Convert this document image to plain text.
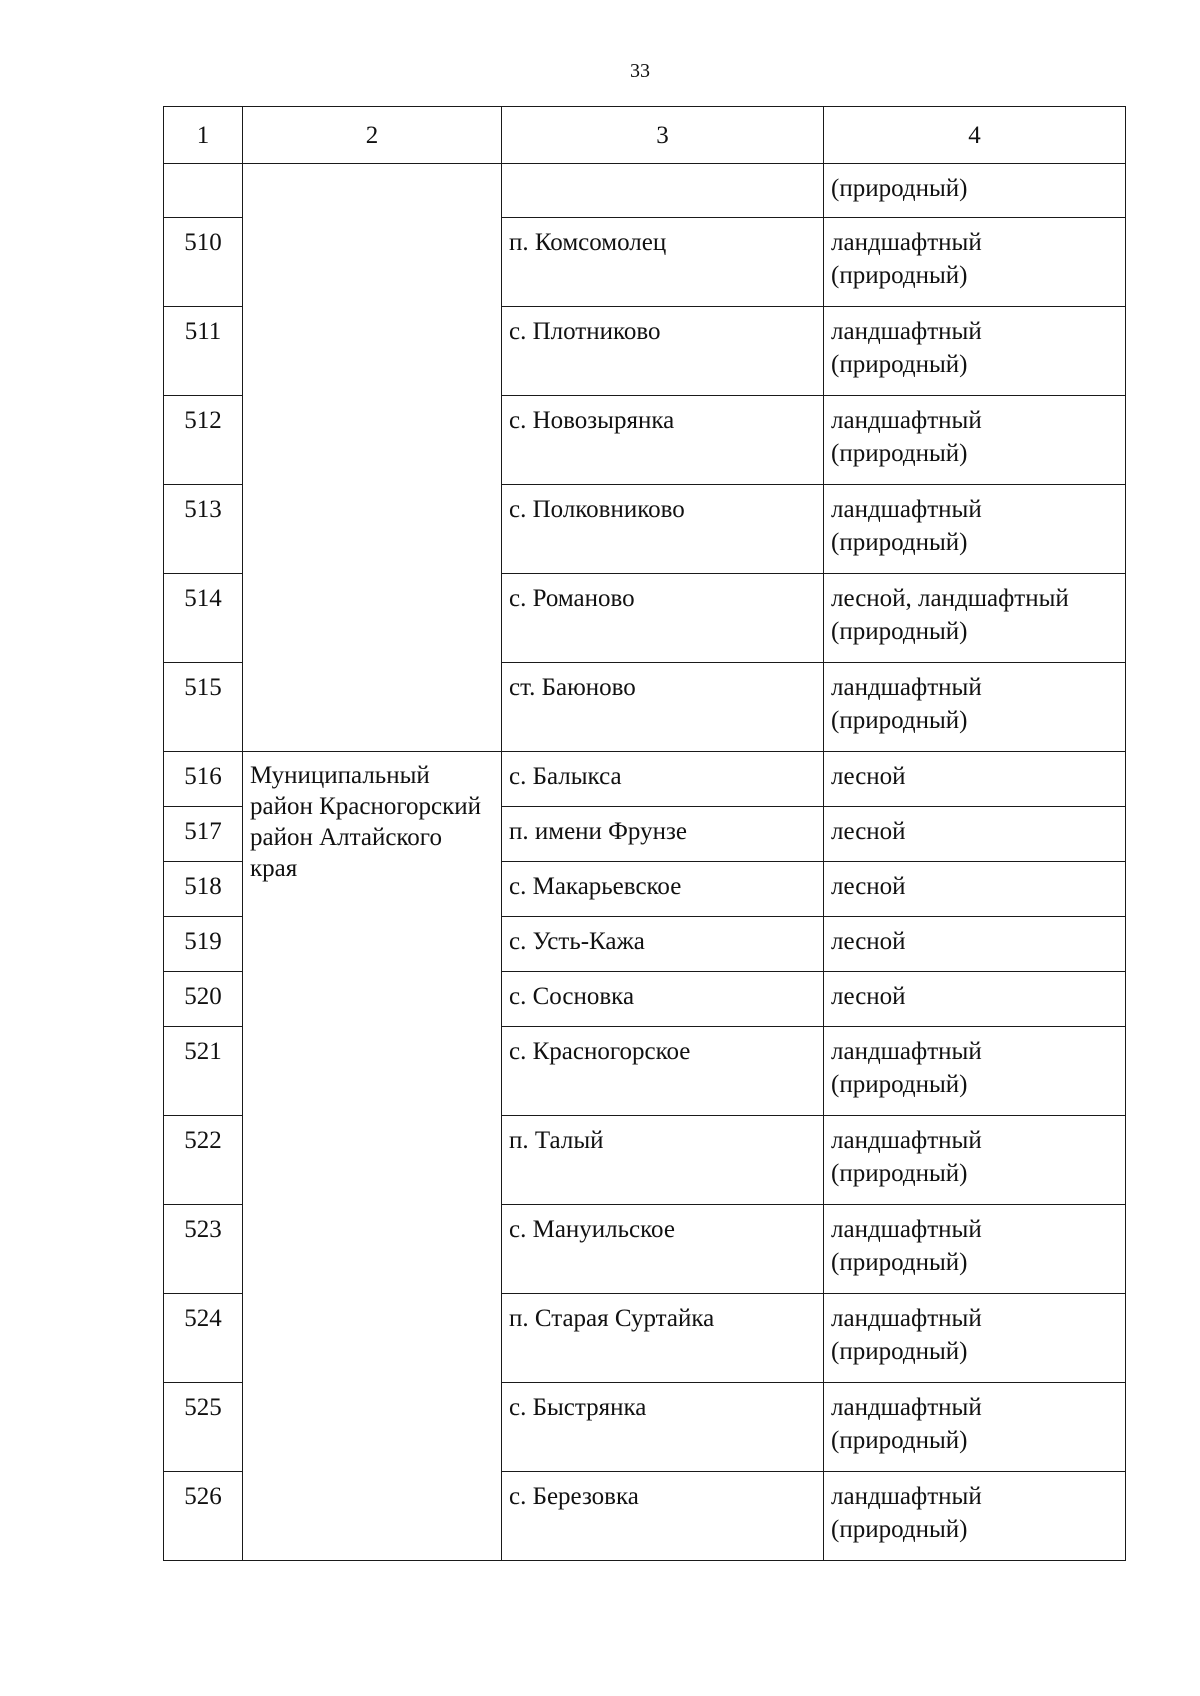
33
1	2	3	4
			(природный)
510		п. Комсомолец	ландшафтный (природный)
511		с. Плотниково	ландшафтный (природный)
512		с. Новозырянка	ландшафтный (природный)
513		с. Полковниково	ландшафтный (природный)
514		с. Романово	лесной, ландшафтный (природный)
515		ст. Баюново	ландшафтный (природный)
516	Муниципальный район Красногорский район Алтайского края	с. Балыкса	лесной
517		п. имени Фрунзе	лесной
518		с. Макарьевское	лесной
519		с. Усть-Кажа	лесной
520		с. Сосновка	лесной
521		с. Красногорское	ландшафтный (природный)
522		п. Талый	ландшафтный (природный)
523		с. Мануильское	ландшафтный (природный)
524		п. Старая Суртайка	ландшафтный (природный)
525		с. Быстрянка	ландшафтный (природный)
526		с. Березовка	ландшафтный (природный)
